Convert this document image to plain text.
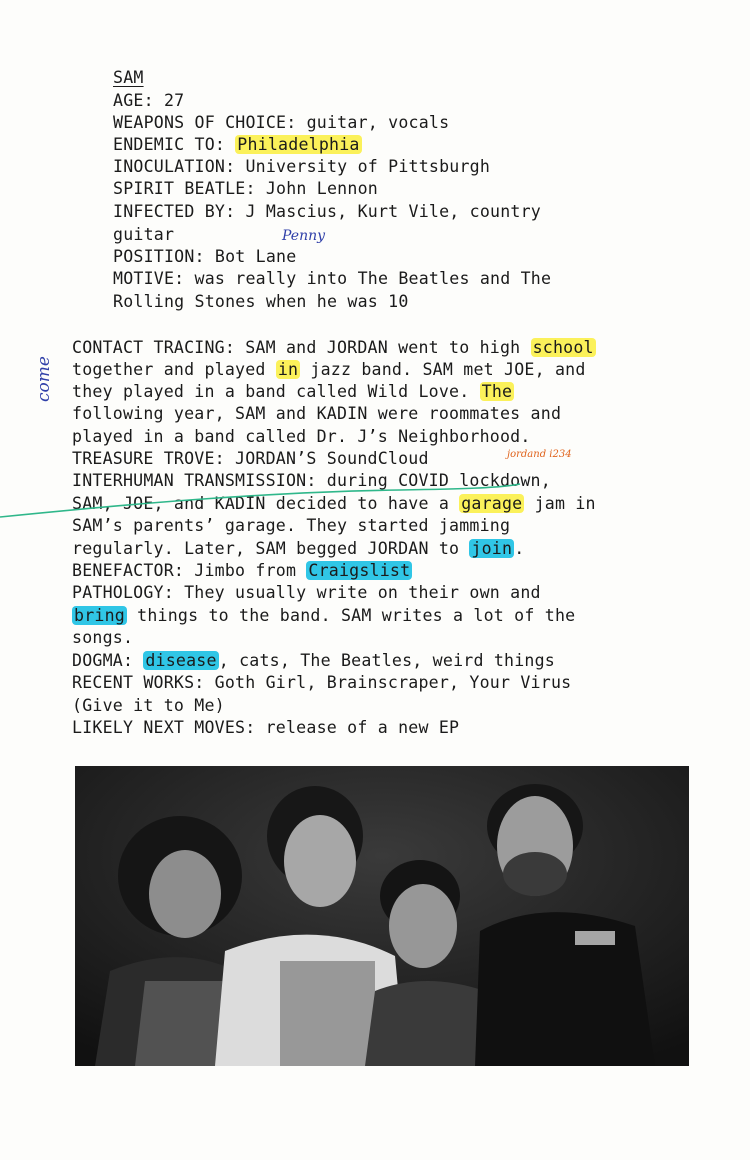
SAM
AGE: 27
WEAPONS OF CHOICE: guitar, vocals
ENDEMIC TO: Philadelphia
INOCULATION: University of Pittsburgh
SPIRIT BEATLE: John Lennon
INFECTED BY: J Mascius, Kurt Vile, country
guitar	Penny
POSITION: Bot Lane
MOTIVE: was really into The Beatles and The
Rolling Stones when he was 10
CONTACT TRACING: SAM and JORDAN went to high school
together and played in jazz band. SAM met JOE, and
they played in a band called Wild Love. The
following year, SAM and KADIN were roommates and
played in a band called Dr. J’s Neighborhood.
come
TREASURE TROVE: JORDAN’S SoundCloud	jordand i234
INTERHUMAN TRANSMISSION: during COVID lockdown,
SAM, JOE, and KADIN decided to have a garage jam in
SAM’s parents’ garage. They started jamming
regularly. Later, SAM begged JORDAN to join .
BENEFACTOR: Jimbo from Craigslist
PATHOLOGY: They usually write on their own and
bring things to the band. SAM writes a lot of the
songs.
DOGMA: disease , cats, The Beatles, weird things
RECENT WORKS: Goth Girl, Brainscraper, Your Virus
(Give it to Me)
LIKELY NEXT MOVES: release of a new EP
